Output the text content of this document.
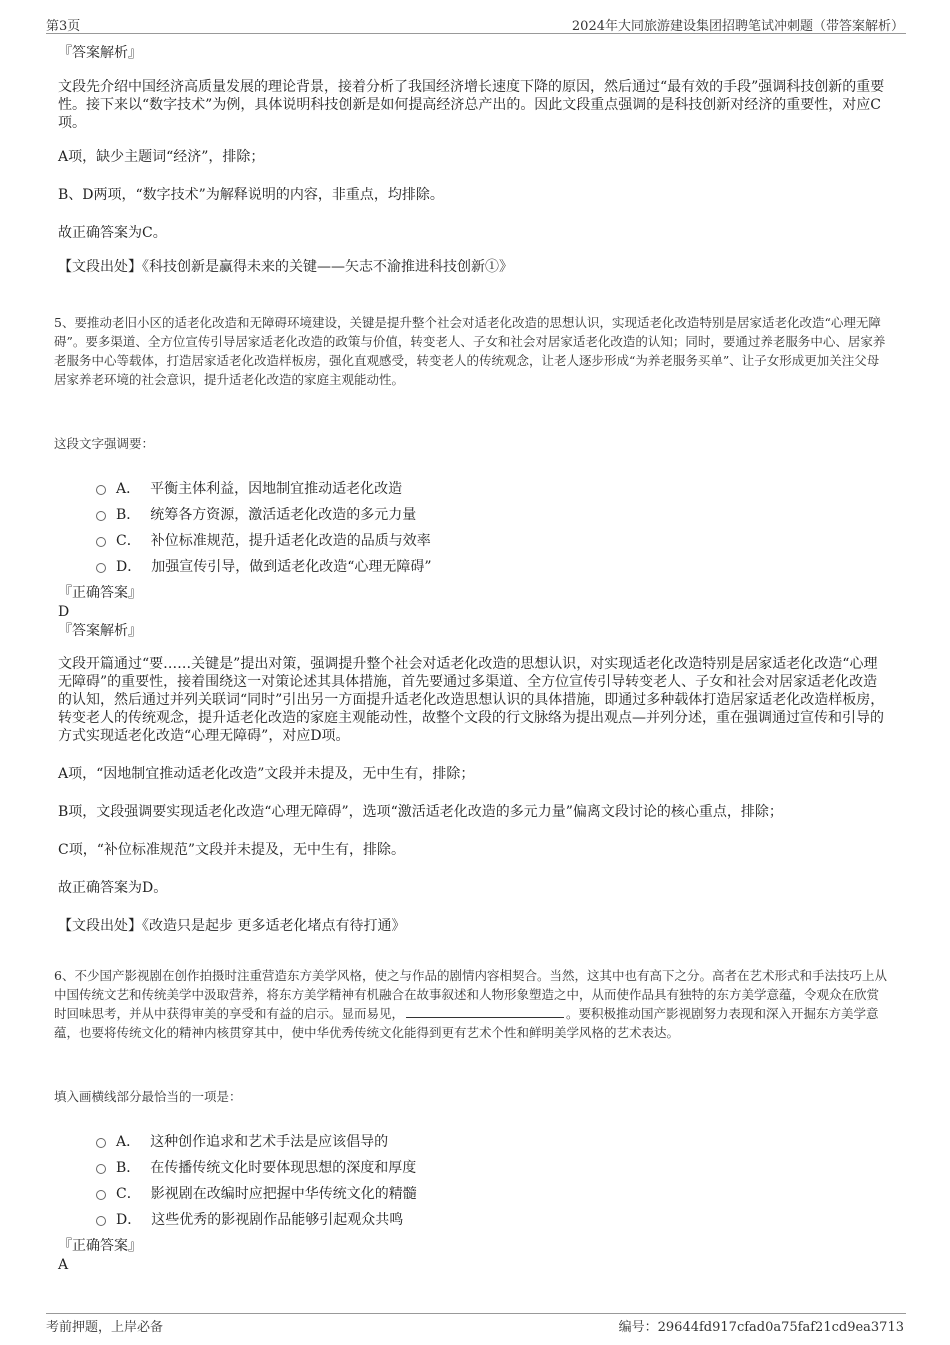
第3页	2024年大同旅游建设集团招聘笔试冲刺题（带答案解析）

『答案解析』

文段先介绍中国经济高质量发展的理论背景，接着分析了我国经济增长速度下降的原因，然后通过“最有效的手段”强调科技创新的重要性。接下来以“数字技术”为例，具体说明科技创新是如何提高经济总产出的。因此文段重点强调的是科技创新对经济的重要性，对应C项。

A项，缺少主题词“经济”，排除；

B、D两项，“数字技术”为解释说明的内容，非重点，均排除。

故正确答案为C。

【文段出处】《科技创新是赢得未来的关键——矢志不渝推进科技创新①》

5、要推动老旧小区的适老化改造和无障碍环境建设，关键是提升整个社会对适老化改造的思想认识，实现适老化改造特别是居家适老化改造“心理无障碍”。要多渠道、全方位宣传引导居家适老化改造的政策与价值，转变老人、子女和社会对居家适老化改造的认知；同时，要通过养老服务中心、居家养老服务中心等载体，打造居家适老化改造样板房，强化直观感受，转变老人的传统观念，让老人逐步形成“为养老服务买单”、让子女形成更加关注父母居家养老环境的社会意识，提升适老化改造的家庭主观能动性。

这段文字强调要：

A． 平衡主体利益，因地制宜推动适老化改造
B． 统筹各方资源，激活适老化改造的多元力量
C． 补位标准规范，提升适老化改造的品质与效率
D． 加强宣传引导，做到适老化改造“心理无障碍”

『正确答案』

D

『答案解析』

文段开篇通过“要……关键是”提出对策，强调提升整个社会对适老化改造的思想认识，对实现适老化改造特别是居家适老化改造“心理无障碍”的重要性，接着围绕这一对策论述其具体措施，首先要通过多渠道、全方位宣传引导转变老人、子女和社会对居家适老化改造的认知，然后通过并列关联词“同时”引出另一方面提升适老化改造思想认识的具体措施，即通过多种载体打造居家适老化改造样板房，转变老人的传统观念，提升适老化改造的家庭主观能动性，故整个文段的行文脉络为提出观点—并列分述，重在强调通过宣传和引导的方式实现适老化改造“心理无障碍”，对应D项。

A项，“因地制宜推动适老化改造”文段并未提及，无中生有，排除；

B项，文段强调要实现适老化改造“心理无障碍”，选项“激活适老化改造的多元力量”偏离文段讨论的核心重点，排除；

C项，“补位标准规范”文段并未提及，无中生有，排除。

故正确答案为D。

【文段出处】《改造只是起步 更多适老化堵点有待打通》

6、不少国产影视剧在创作拍摄时注重营造东方美学风格，使之与作品的剧情内容相契合。当然，这其中也有高下之分。高者在艺术形式和手法技巧上从中国传统文艺和传统美学中汲取营养，将东方美学精神有机融合在故事叙述和人物形象塑造之中，从而使作品具有独特的东方美学意蕴，令观众在欣赏时回味思考，并从中获得审美的享受和有益的启示。显而易见，	。要积极推动国产影视剧努力表现和深入开掘东方美学意蕴，也要将传统文化的精神内核贯穿其中，使中华优秀传统文化能得到更有艺术个性和鲜明美学风格的艺术表达。

填入画横线部分最恰当的一项是：

A． 这种创作追求和艺术手法是应该倡导的
B． 在传播传统文化时要体现思想的深度和厚度
C． 影视剧在改编时应把握中华传统文化的精髓
D． 这些优秀的影视剧作品能够引起观众共鸣

『正确答案』

A

考前押题，上岸必备	编号：29644fd917cfad0a75faf21cd9ea3713
